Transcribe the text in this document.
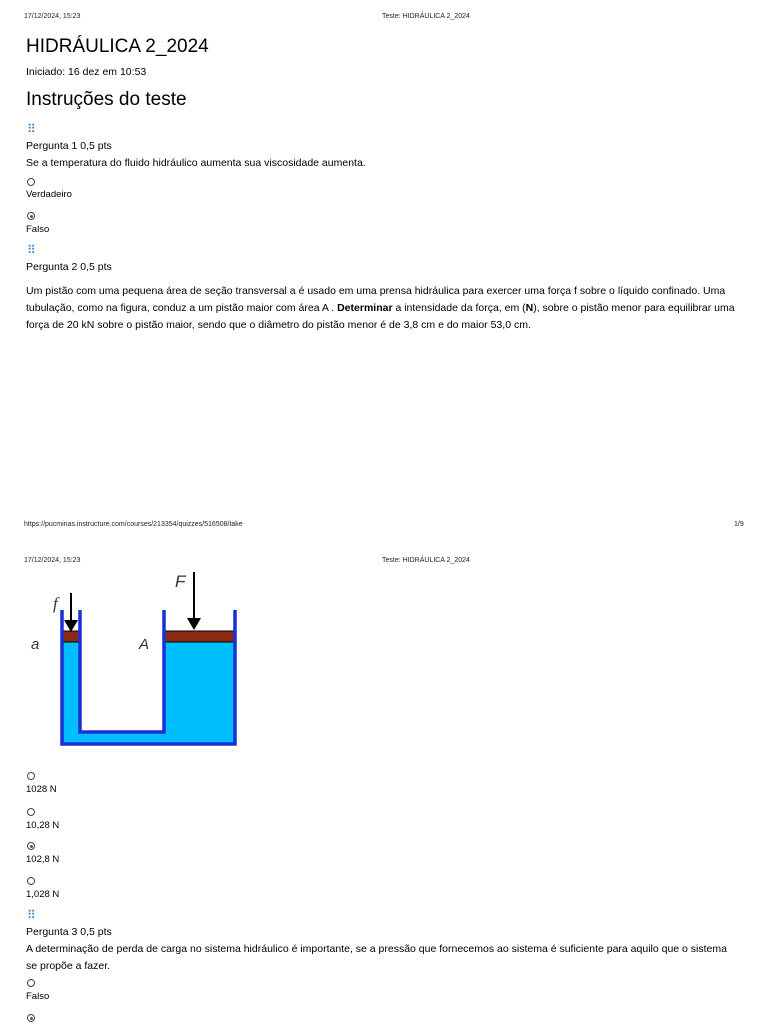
17/12/2024, 15:23	Teste: HIDRÁULICA 2_2024
HIDRÁULICA 2_2024
Iniciado: 16 dez em 10:53
Instruções do teste
⠿
Pergunta 1 0,5 pts
Se a temperatura do fluido hidráulico aumenta sua viscosidade aumenta.
Verdadeiro
Falso
⠿
Pergunta 2 0,5 pts
Um pistão com uma pequena área de seção transversal a é usado em uma prensa hidráulica para exercer uma força f sobre o líquido confinado. Uma tubulação, como na figura, conduz a um pistão maior com área A . Determinar a intensidade da força, em (N), sobre o pistão menor para equilibrar uma força de 20 kN sobre o pistão maior, sendo que o diâmetro do pistão menor é de 3,8 cm e do maior 53,0 cm.
https://pucminas.instructure.com/courses/213354/quizzes/516508/take	1/9
17/12/2024, 15:23	Teste: HIDRÁULICA 2_2024
f
F
a	A
1028 N
10,28 N
102,8 N
1,028 N
⠿
Pergunta 3 0,5 pts
A determinação de perda de carga no sistema hidráulico é importante, se a pressão que fornecemos ao sistema é suficiente para aquilo que o sistema se propõe a fazer.
Falso
